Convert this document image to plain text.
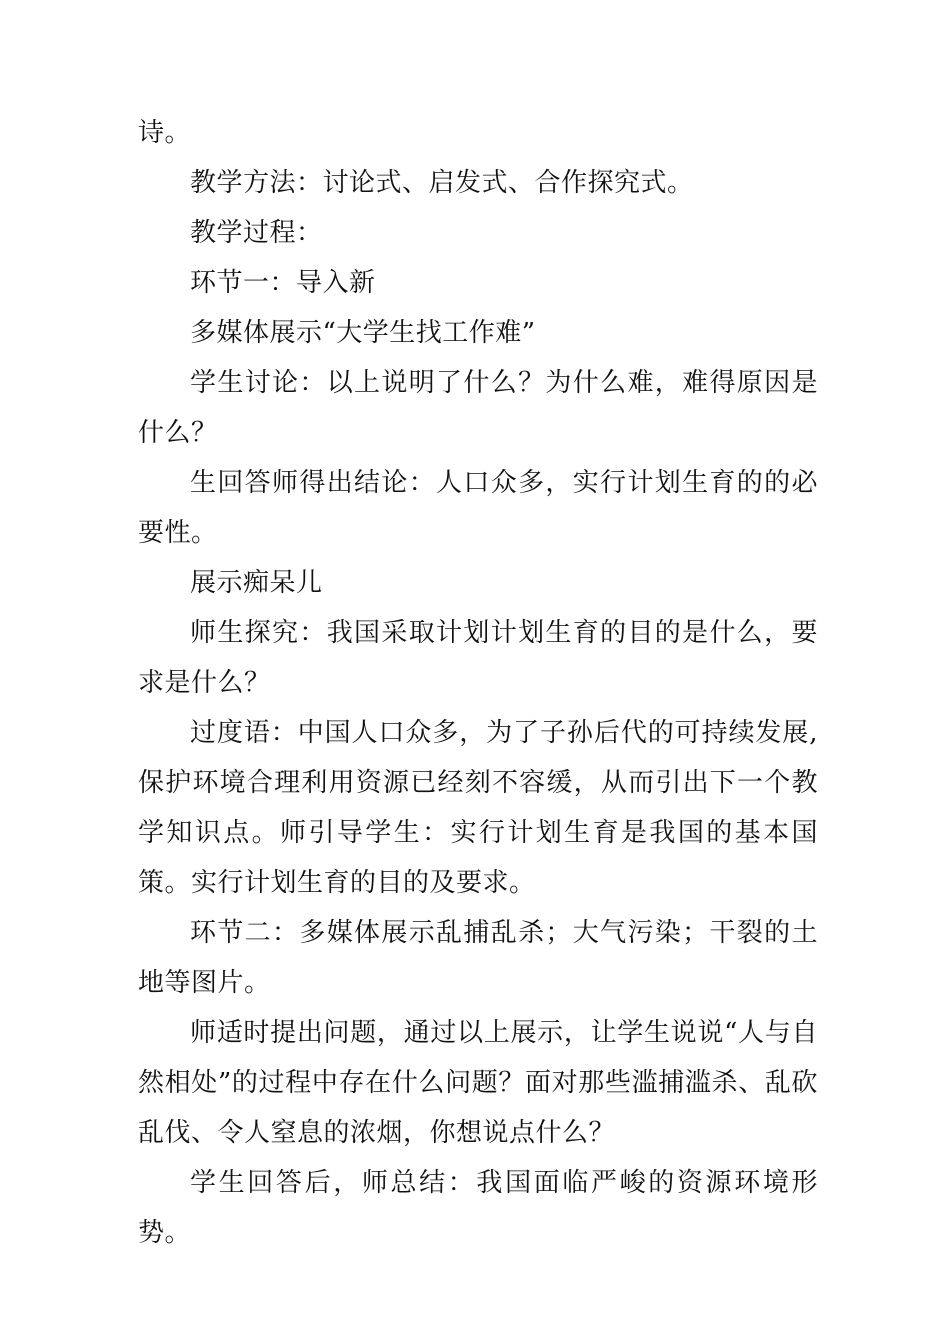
诗。

教学方法：讨论式、启发式、合作探究式。

教学过程：

环节一：导入新

多媒体展示“大学生找工作难”

学生讨论：以上说明了什么？为什么难，难得原因是什么？

生回答师得出结论：人口众多，实行计划生育的的必要性。

展示痴呆儿

师生探究：我国采取计划计划生育的目的是什么，要求是什么？

过度语：中国人口众多，为了子孙后代的可持续发展,保护环境合理利用资源已经刻不容缓，从而引出下一个教学知识点。师引导学生：实行计划生育是我国的基本国策。实行计划生育的目的及要求。

环节二：多媒体展示乱捕乱杀；大气污染；干裂的土地等图片。

师适时提出问题，通过以上展示，让学生说说“人与自然相处”的过程中存在什么问题？面对那些滥捕滥杀、乱砍乱伐、令人窒息的浓烟，你想说点什么？

学生回答后，师总结：我国面临严峻的资源环境形势。
